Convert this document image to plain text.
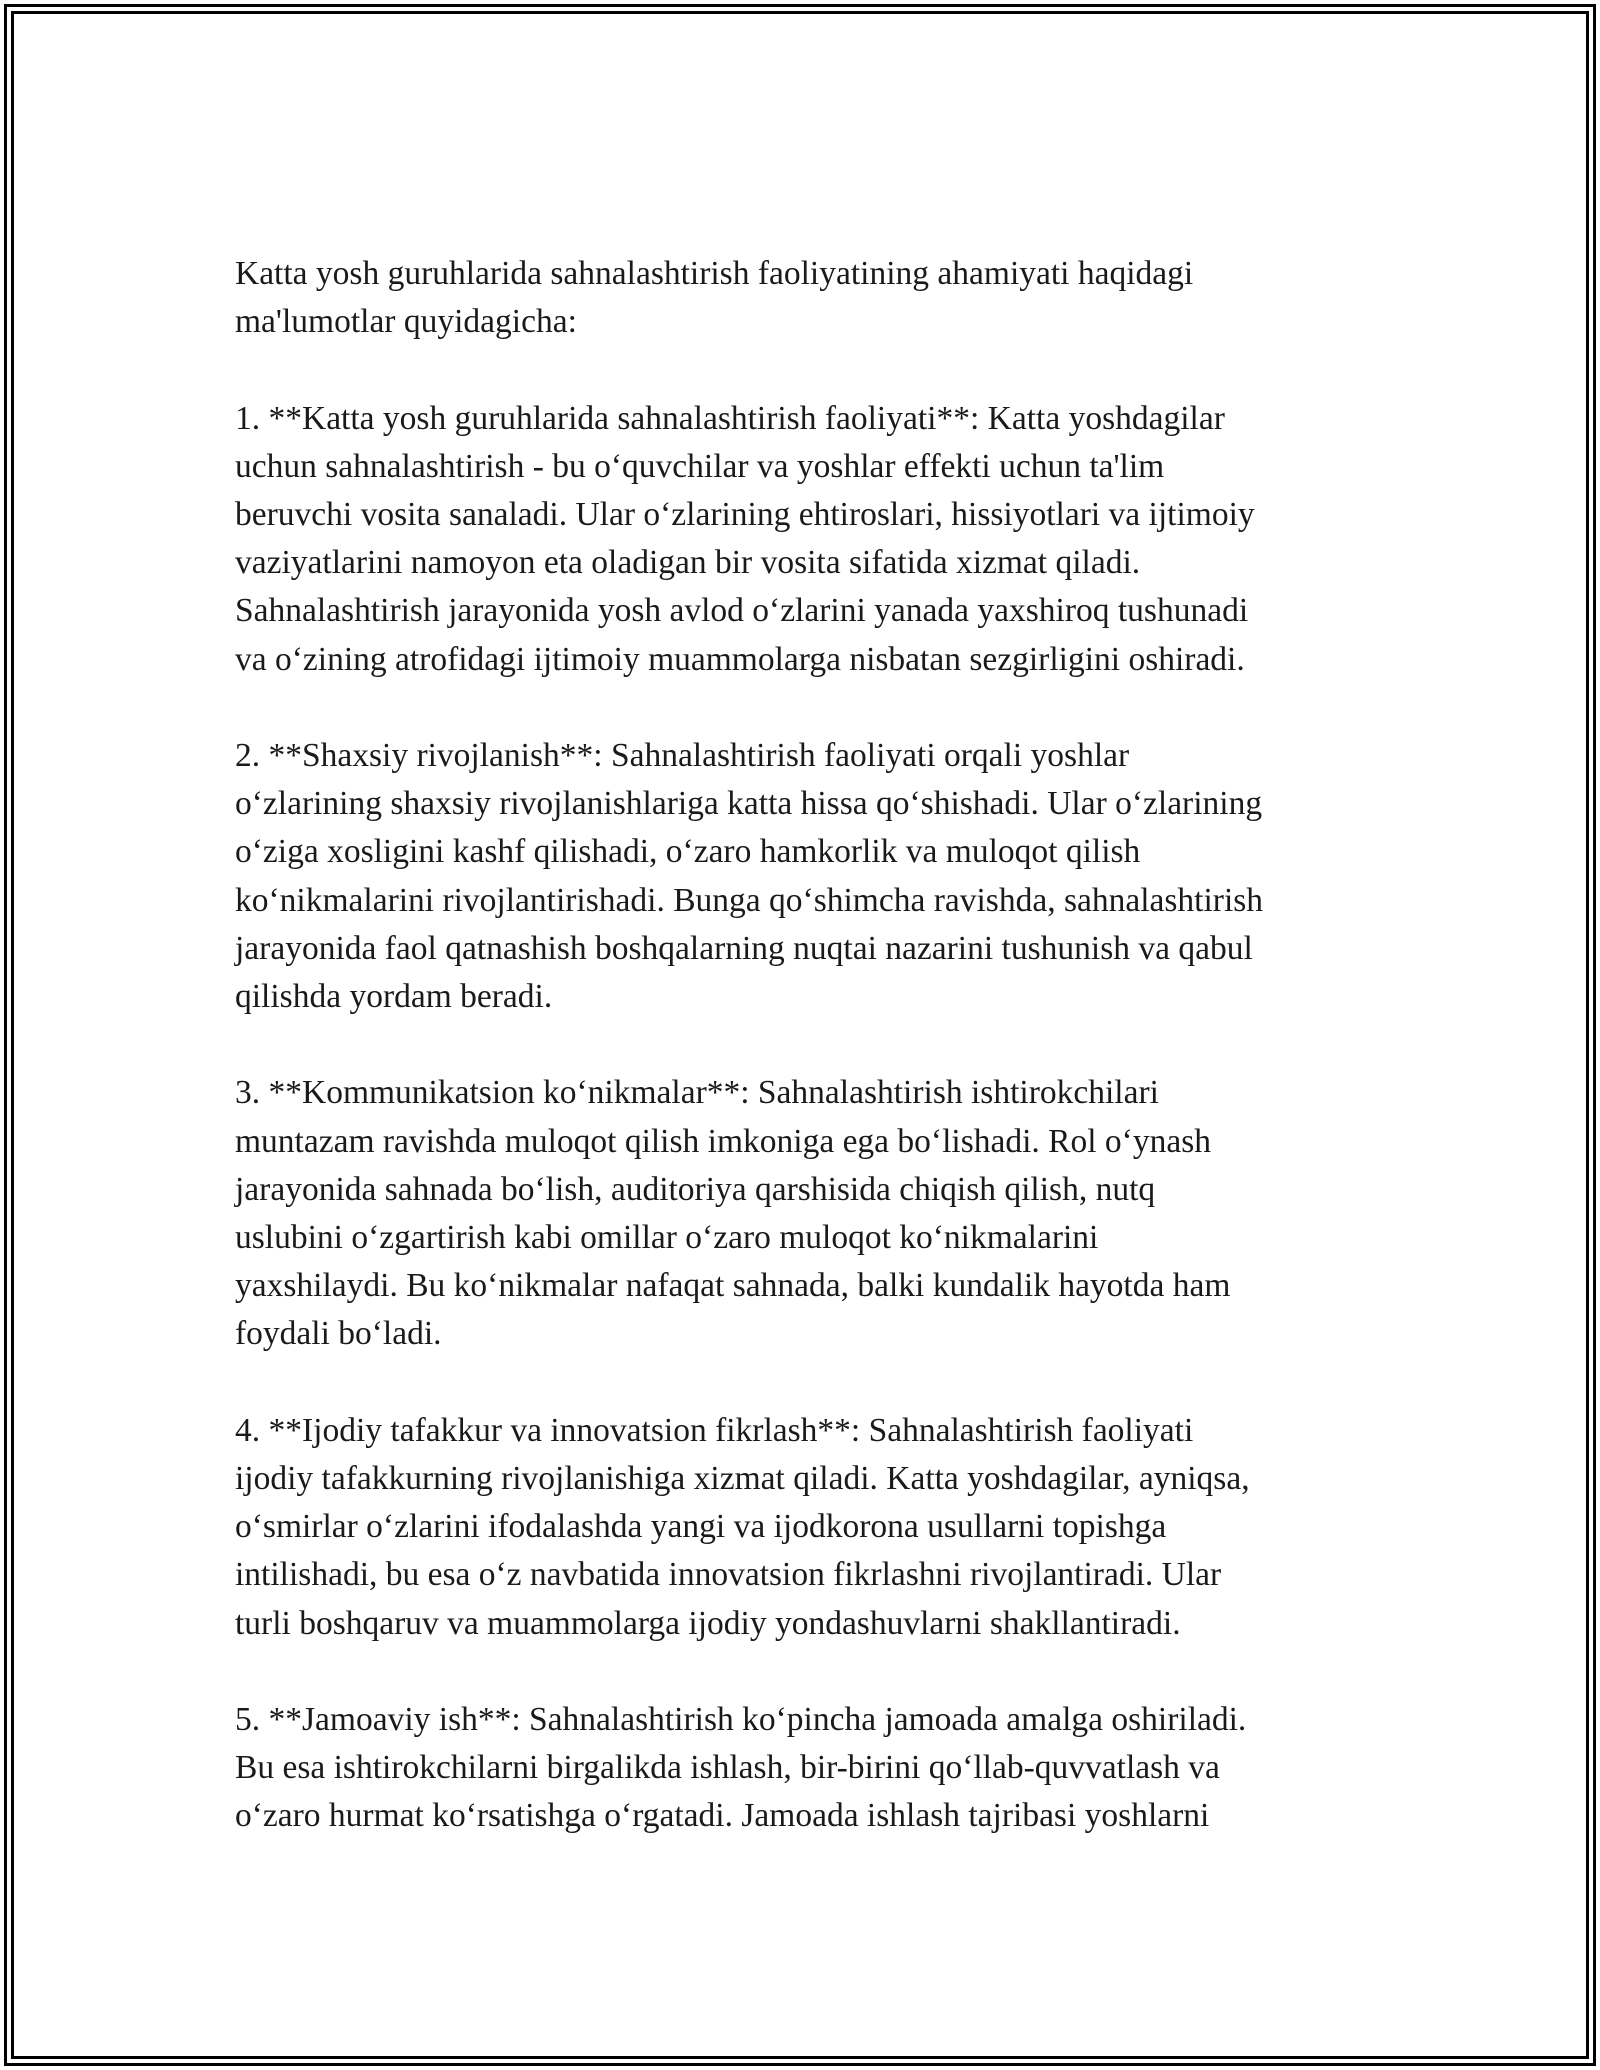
Katta yosh guruhlarida sahnalashtirish faoliyatining ahamiyati haqidagi
ma'lumotlar quyidagicha:

1. **Katta yosh guruhlarida sahnalashtirish faoliyati**: Katta yoshdagilar
uchun sahnalashtirish - bu o‘quvchilar va yoshlar effekti uchun ta'lim
beruvchi vosita sanaladi. Ular o‘zlarining ehtiroslari, hissiyotlari va ijtimoiy
vaziyatlarini namoyon eta oladigan bir vosita sifatida xizmat qiladi.
Sahnalashtirish jarayonida yosh avlod o‘zlarini yanada yaxshiroq tushunadi
va o‘zining atrofidagi ijtimoiy muammolarga nisbatan sezgirligini oshiradi.

2. **Shaxsiy rivojlanish**: Sahnalashtirish faoliyati orqali yoshlar
o‘zlarining shaxsiy rivojlanishlariga katta hissa qo‘shishadi. Ular o‘zlarining
o‘ziga xosligini kashf qilishadi, o‘zaro hamkorlik va muloqot qilish
ko‘nikmalarini rivojlantirishadi. Bunga qo‘shimcha ravishda, sahnalashtirish
jarayonida faol qatnashish boshqalarning nuqtai nazarini tushunish va qabul
qilishda yordam beradi.

3. **Kommunikatsion ko‘nikmalar**: Sahnalashtirish ishtirokchilari
muntazam ravishda muloqot qilish imkoniga ega bo‘lishadi. Rol o‘ynash
jarayonida sahnada bo‘lish, auditoriya qarshisida chiqish qilish, nutq
uslubini o‘zgartirish kabi omillar o‘zaro muloqot ko‘nikmalarini
yaxshilaydi. Bu ko‘nikmalar nafaqat sahnada, balki kundalik hayotda ham
foydali bo‘ladi.

4. **Ijodiy tafakkur va innovatsion fikrlash**: Sahnalashtirish faoliyati
ijodiy tafakkurning rivojlanishiga xizmat qiladi. Katta yoshdagilar, ayniqsa,
o‘smirlar o‘zlarini ifodalashda yangi va ijodkorona usullarni topishga
intilishadi, bu esa o‘z navbatida innovatsion fikrlashni rivojlantiradi. Ular
turli boshqaruv va muammolarga ijodiy yondashuvlarni shakllantiradi.

5. **Jamoaviy ish**: Sahnalashtirish ko‘pincha jamoada amalga oshiriladi.
Bu esa ishtirokchilarni birgalikda ishlash, bir-birini qo‘llab-quvvatlash va
o‘zaro hurmat ko‘rsatishga o‘rgatadi. Jamoada ishlash tajribasi yoshlarni
